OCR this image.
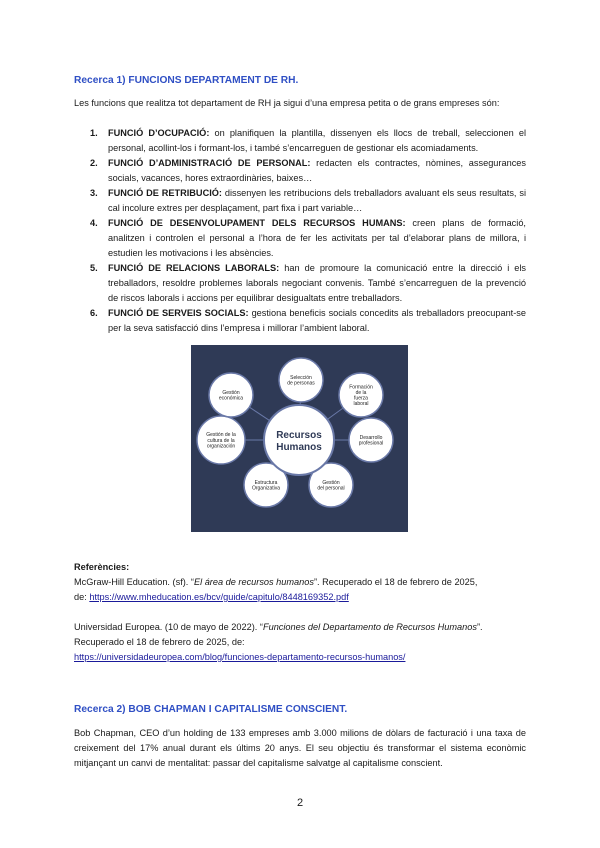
Recerca 1) FUNCIONS DEPARTAMENT DE RH.
Les funcions que realitza tot departament de RH ja sigui d’una empresa petita o de grans empreses són:
1. FUNCIÓ D’OCUPACIÓ: on planifiquen la plantilla, dissenyen els llocs de treball, seleccionen el personal, acollint-los i formant-los, i també s’encarreguen de gestionar els acomiadaments.
2. FUNCIÓ D’ADMINISTRACIÓ DE PERSONAL: redacten els contractes, nòmines, assegurances socials, vacances, hores extraordinàries, baixes…
3. FUNCIÓ DE RETRIBUCIÓ: dissenyen les retribucions dels treballadors avaluant els seus resultats, si cal incolure extres per desplaçament, part fixa i part variable…
4. FUNCIÓ DE DESENVOLUPAMENT DELS RECURSOS HUMANS: creen plans de formació, analitzen i controlen el personal a l’hora de fer les activitats per tal d’elaborar plans de millora, i estudien les motivacions i les absències.
5. FUNCIÓ DE RELACIONS LABORALS: han de promoure la comunicació entre la direcció i els treballadors, resoldre problemes laborals negociant convenis. També s’encarreguen de la prevenció de riscos laborals i accions per equilibrar desigualtats entre treballadors.
6. FUNCIÓ DE SERVEIS SOCIALS: gestiona beneficis socials concedits als treballadors preocupant-se per la seva satisfacció dins l’empresa i millorar l’ambient laboral.
Selección
de personas
Formación
de la
fuerza
laboral
Desarrollo
profesional
Gestión
del personal
Estructura
Organizativa
Gestión de la
cultura de la
organización
Gestión
económica
Recursos
Humanos
Referències:
McGraw-Hill Education. (sf). “El área de recursos humanos”. Recuperado el 18 de febrero de 2025,
de: https://www.mheducation.es/bcv/guide/capitulo/8448169352.pdf
Universidad Europea. (10 de mayo de 2022). “Funciones del Departamento de Recursos Humanos”.
Recuperado el 18 de febrero de 2025, de:
https://universidadeuropea.com/blog/funciones-departamento-recursos-humanos/
Recerca 2) BOB CHAPMAN I CAPITALISME CONSCIENT.
Bob Chapman, CEO d’un holding de 133 empreses amb 3.000 milions de dòlars de facturació i una taxa de creixement del 17% anual durant els últims 20 anys. El seu objectiu és transformar el sistema econòmic mitjançant un canvi de mentalitat: passar del capitalisme salvatge al capitalisme conscient.
2
